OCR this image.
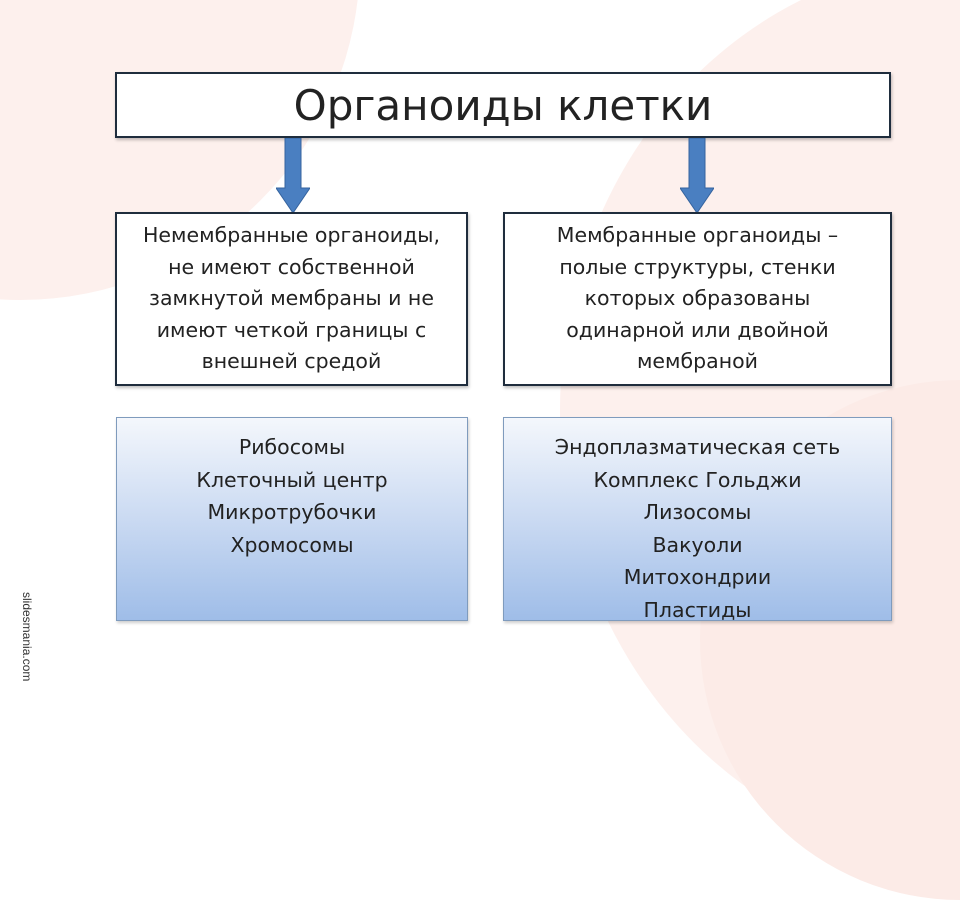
Органоиды клетки
Немембранные органоиды,
не имеют собственной
замкнутой мембраны и не
имеют четкой границы с
внешней средой
Мембранные органоиды –
полые структуры, стенки
которых образованы
одинарной или двойной
мембраной
Рибосомы
Клеточный центр
Микротрубочки
Хромосомы
Эндоплазматическая сеть
Комплекс Гольджи
Лизосомы
Вакуоли
Митохондрии
Пластиды
slidesmania.com
